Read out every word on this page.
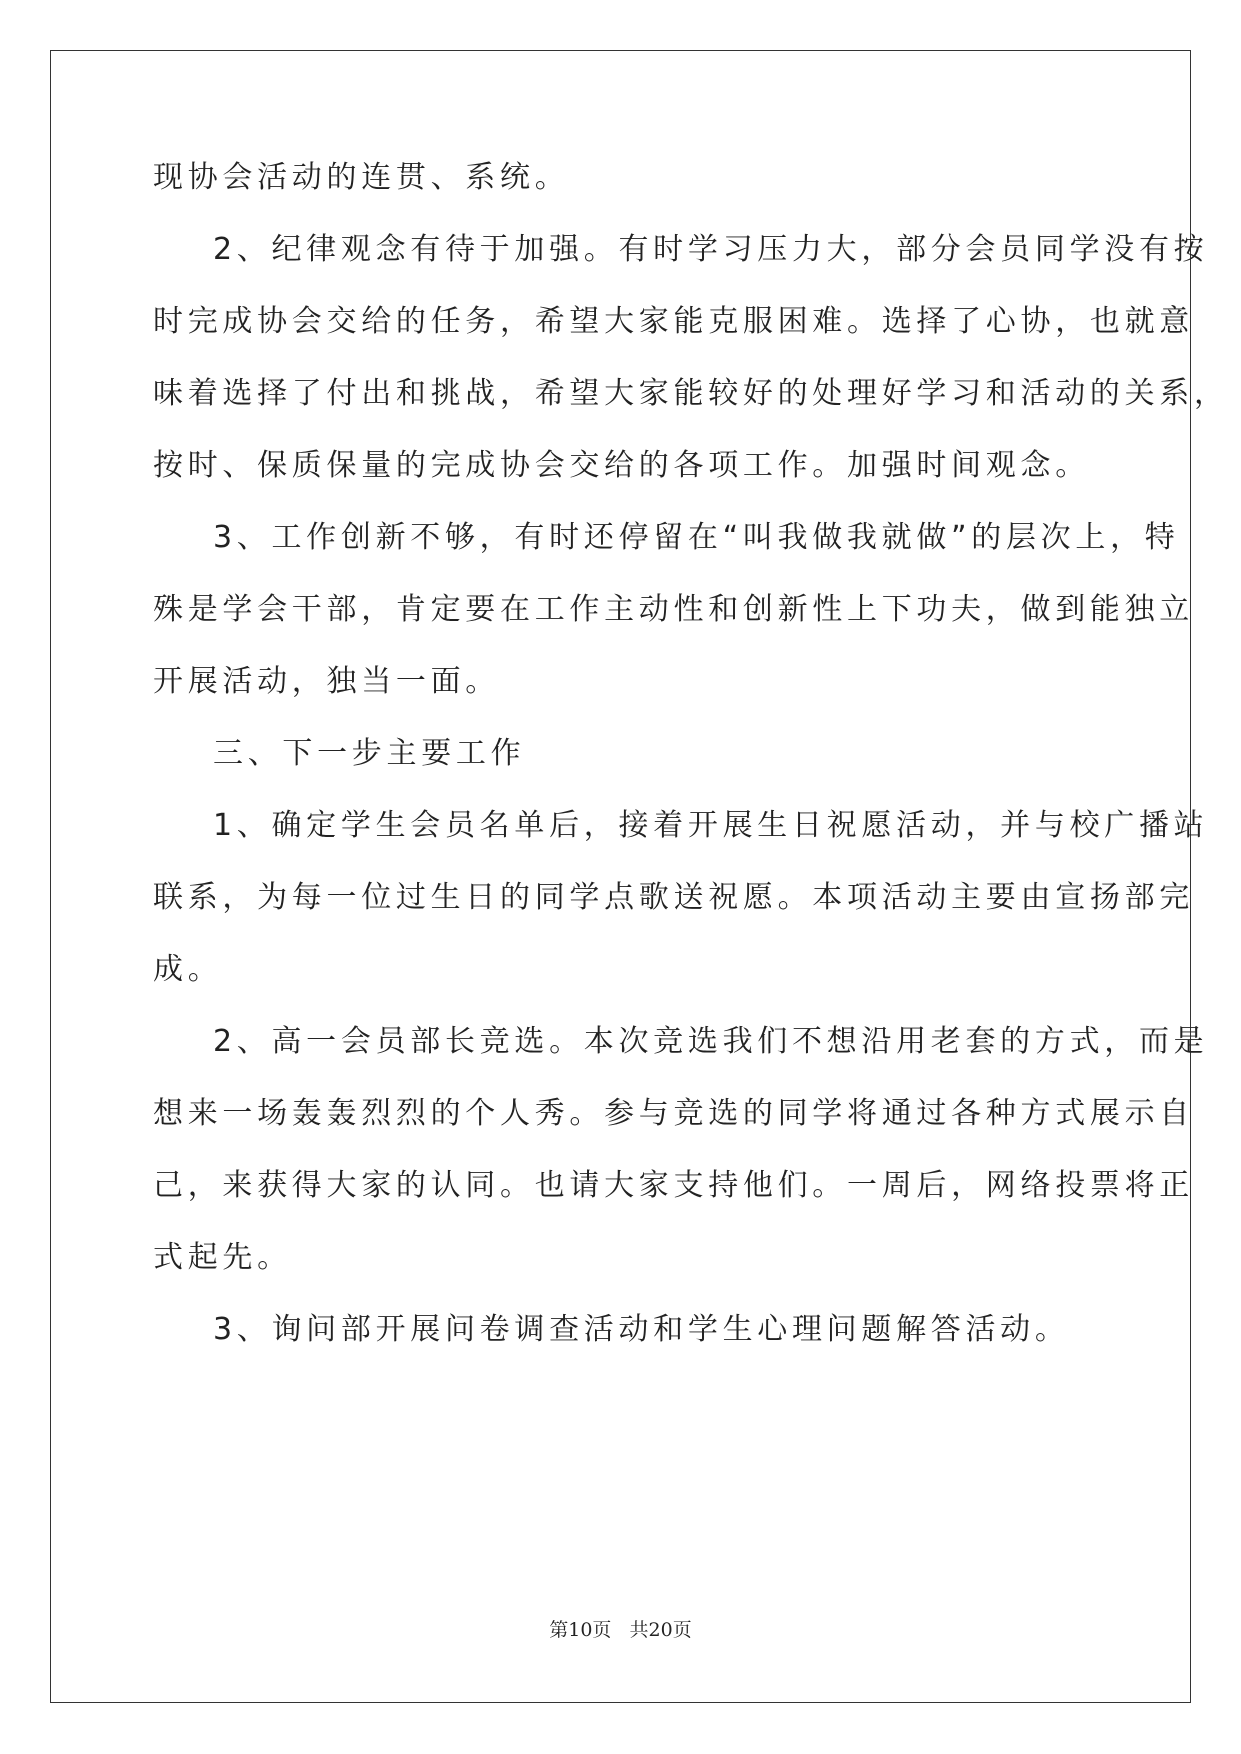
现协会活动的连贯、系统。
2、纪律观念有待于加强。有时学习压力大，部分会员同学没有按
时完成协会交给的任务，希望大家能克服困难。选择了心协，也就意
味着选择了付出和挑战，希望大家能较好的处理好学习和活动的关系，
按时、保质保量的完成协会交给的各项工作。加强时间观念。
3、工作创新不够，有时还停留在“叫我做我就做”的层次上，特
殊是学会干部，肯定要在工作主动性和创新性上下功夫，做到能独立
开展活动，独当一面。
三、下一步主要工作
1、确定学生会员名单后，接着开展生日祝愿活动，并与校广播站
联系，为每一位过生日的同学点歌送祝愿。本项活动主要由宣扬部完
成。
2、高一会员部长竞选。本次竞选我们不想沿用老套的方式，而是
想来一场轰轰烈烈的个人秀。参与竞选的同学将通过各种方式展示自
己，来获得大家的认同。也请大家支持他们。一周后，网络投票将正
式起先。
3、询问部开展问卷调查活动和学生心理问题解答活动。
第10页   共20页
